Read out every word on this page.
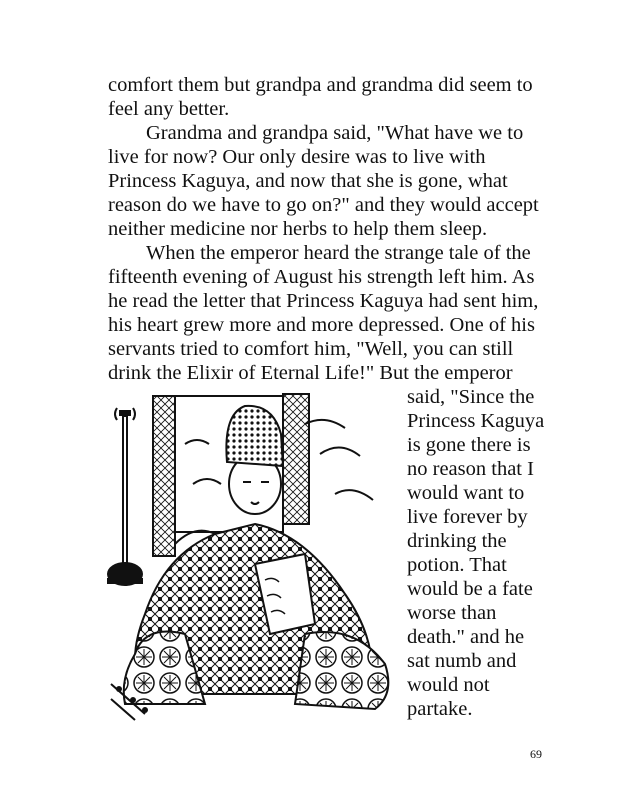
comfort them but grandpa and grandma did seem to
feel any better.
Grandma and grandpa said, "What have we to
live for now? Our only desire was to live with
Princess Kaguya, and now that she is gone, what
reason do we have to go on?" and they would accept
neither medicine nor herbs to help them sleep.
When the emperor heard the strange tale of the
fifteenth evening of August his strength left him. As
he read the letter that Princess Kaguya had sent him,
his heart grew more and more depressed. One of his
servants tried to comfort him, "Well, you can still
drink the Elixir of Eternal Life!" But the emperor
said, "Since the
Princess Kaguya
is gone there is
no reason that I
would want to
live forever by
drinking the
potion. That
would be a fate
worse than
death." and he
sat numb and
would not
partake.
69
